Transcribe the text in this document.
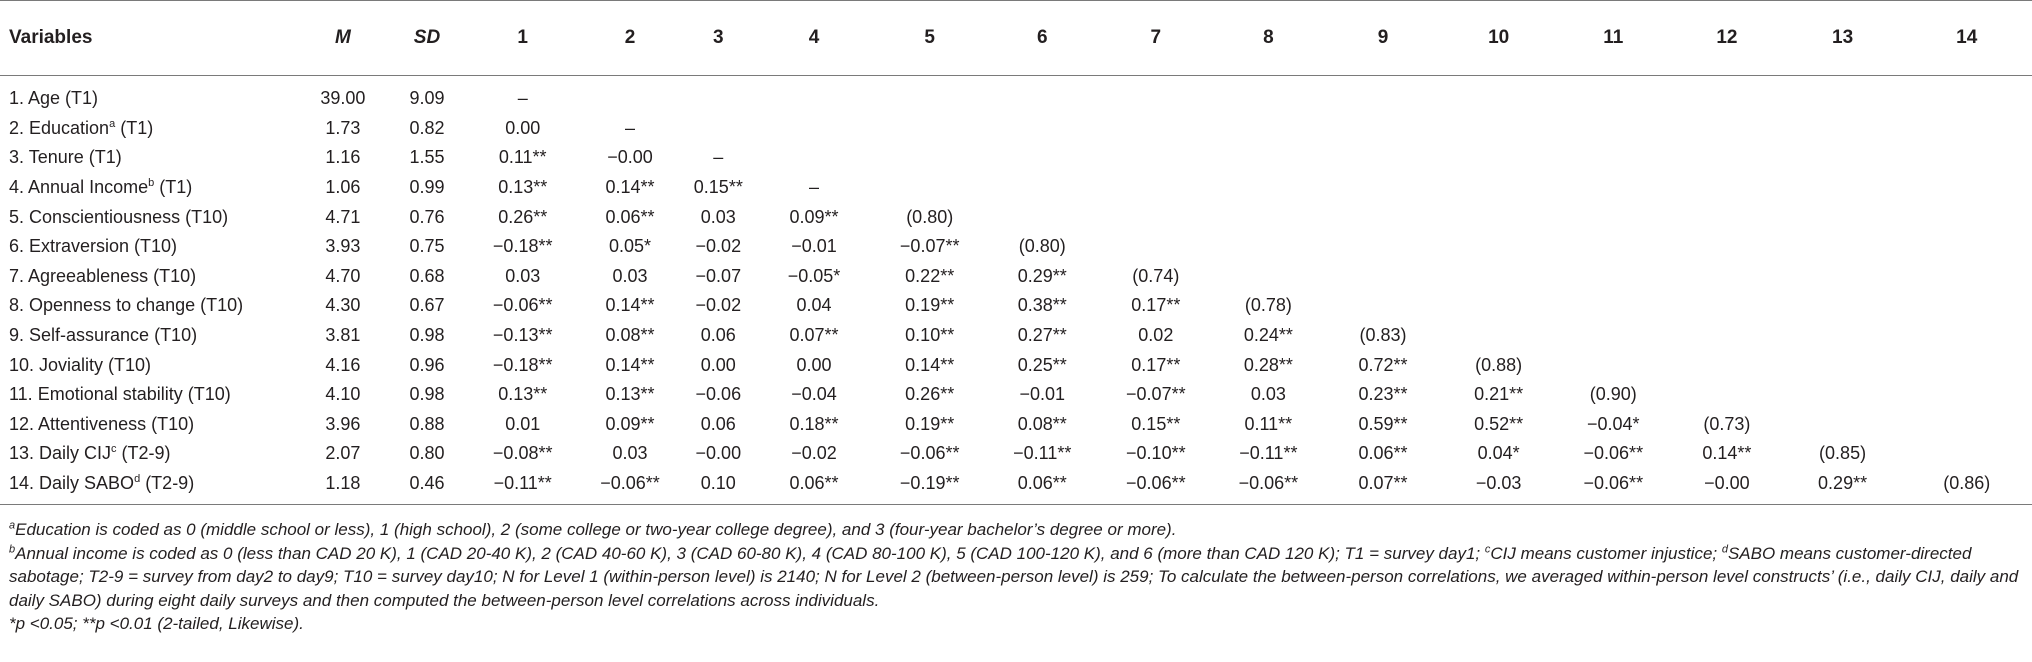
Variables	M	SD	1	2	3	4	5	6	7	8	9	10	11	12	13	14
1. Age (T1)	39.00	9.09	–													
2. Education$^a$ (T1)	1.73	0.82	0.00	–												
3. Tenure (T1)	1.16	1.55	0.11**	−0.00	–											
4. Annual Income$^b$ (T1)	1.06	0.99	0.13**	0.14**	0.15**	–										
5. Conscientiousness (T10)	4.71	0.76	0.26**	0.06**	0.03	0.09**	(0.80)									
6. Extraversion (T10)	3.93	0.75	−0.18**	0.05*	−0.02	−0.01	−0.07**	(0.80)								
7. Agreeableness (T10)	4.70	0.68	0.03	0.03	−0.07	−0.05*	0.22**	0.29**	(0.74)							
8. Openness to change (T10)	4.30	0.67	−0.06**	0.14**	−0.02	0.04	0.19**	0.38**	0.17**	(0.78)						
9. Self-assurance (T10)	3.81	0.98	−0.13**	0.08**	0.06	0.07**	0.10**	0.27**	0.02	0.24**	(0.83)					
10. Joviality (T10)	4.16	0.96	−0.18**	0.14**	0.00	0.00	0.14**	0.25**	0.17**	0.28**	0.72**	(0.88)				
11. Emotional stability (T10)	4.10	0.98	0.13**	0.13**	−0.06	−0.04	0.26**	−0.01	−0.07**	0.03	0.23**	0.21**	(0.90)			
12. Attentiveness (T10)	3.96	0.88	0.01	0.09**	0.06	0.18**	0.19**	0.08**	0.15**	0.11**	0.59**	0.52**	−0.04*	(0.73)		
13. Daily CIJ$^c$ (T2-9)	2.07	0.80	−0.08**	0.03	−0.00	−0.02	−0.06**	−0.11**	−0.10**	−0.11**	0.06**	0.04*	−0.06**	0.14**	(0.85)	
14. Daily SABO$^d$ (T2-9)	1.18	0.46	−0.11**	−0.06**	0.10	0.06**	−0.19**	0.06**	−0.06**	−0.06**	0.07**	−0.03	−0.06**	−0.00	0.29**	(0.86)

$^a$Education is coded as 0 (middle school or less), 1 (high school), 2 (some college or two-year college degree), and 3 (four-year bachelor’s degree or more).

$^b$Annual income is coded as 0 (less than CAD 20 K), 1 (CAD 20-40 K), 2 (CAD 40-60 K), 3 (CAD 60-80 K), 4 (CAD 80-100 K), 5 (CAD 100-120 K), and 6 (more than CAD 120 K); T1 = survey day1; $^c$CIJ means customer injustice; $^d$SABO means customer-directed sabotage; T2-9 = survey from day2 to day9; T10 = survey day10; N for Level 1 (within-person level) is 2140; N for Level 2 (between-person level) is 259; To calculate the between-person correlations, we averaged within-person level constructs’ (i.e., daily CIJ, daily and daily SABO) during eight daily surveys and then computed the between-person level correlations across individuals.

*p <0.05; **p <0.01 (2-tailed, Likewise).
